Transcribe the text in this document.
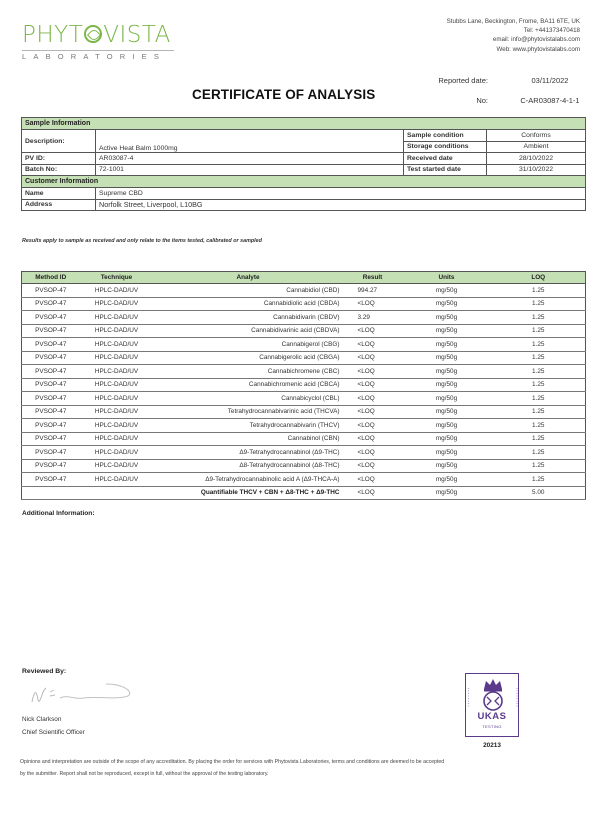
PHYT VISTA
LABORATORIES
Stubbs Lane, Beckington, Frome, BA11 6TE, UK
Tel: +441373470418
email: info@phytovistalabs.com
Web: www.phytovistalabs.com
Reported date:	03/11/2022
No:	C-AR03087-4-1-1
CERTIFICATE OF ANALYSIS
Sample Information			
Description:	Active Heat Balm 1000mg	Sample condition	Conforms
		Storage conditions	Ambient
PV ID:	AR03087-4	Received date	28/10/2022
Batch No:	72-1001	Test started date	31/10/2022
Customer Information			
Name	Supreme CBD		
Address	Norfolk Street, Liverpool, L10BG		
Results apply to sample as received and only relate to the items tested, calibrated or sampled
Method ID	Technique	Analyte	Result	Units	LOQ
PVSOP-47	HPLC-DAD/UV	Cannabidiol (CBD)	994.27	mg/50g	1.25
PVSOP-47	HPLC-DAD/UV	Cannabidiolic acid (CBDA)	<LOQ	mg/50g	1.25
PVSOP-47	HPLC-DAD/UV	Cannabidivarin (CBDV)	3.29	mg/50g	1.25
PVSOP-47	HPLC-DAD/UV	Cannabidivarinic acid (CBDVA)	<LOQ	mg/50g	1.25
PVSOP-47	HPLC-DAD/UV	Cannabigerol (CBG)	<LOQ	mg/50g	1.25
PVSOP-47	HPLC-DAD/UV	Cannabigerolic acid (CBGA)	<LOQ	mg/50g	1.25
PVSOP-47	HPLC-DAD/UV	Cannabichromene (CBC)	<LOQ	mg/50g	1.25
PVSOP-47	HPLC-DAD/UV	Cannabichromenic acid (CBCA)	<LOQ	mg/50g	1.25
PVSOP-47	HPLC-DAD/UV	Cannabicyclol (CBL)	<LOQ	mg/50g	1.25
PVSOP-47	HPLC-DAD/UV	Tetrahydrocannabivarinic acid (THCVA)	<LOQ	mg/50g	1.25
PVSOP-47	HPLC-DAD/UV	Tetrahydrocannabivarin (THCV)	<LOQ	mg/50g	1.25
PVSOP-47	HPLC-DAD/UV	Cannabinol (CBN)	<LOQ	mg/50g	1.25
PVSOP-47	HPLC-DAD/UV	Δ9-Tetrahydrocannabinol (Δ9-THC)	<LOQ	mg/50g	1.25
PVSOP-47	HPLC-DAD/UV	Δ8-Tetrahydrocannabinol (Δ8-THC)	<LOQ	mg/50g	1.25
PVSOP-47	HPLC-DAD/UV	Δ9-Tetrahydrocannabinolic acid A (Δ9-THCA-A)	<LOQ	mg/50g	1.25
		Quantifiable THCV + CBN + Δ8-THC + Δ9-THC	<LOQ	mg/50g	5.00
Additional Information:
Reviewed By:
Nick Clarkson
Chief Scientific Officer
UKAS
TESTING
20213
Opinions and interpretation are outside of the scope of any accreditation. By placing the order for services with Phytovista Laboratories, terms and conditions are deemed to be accepted
by the submitter. Report shall not be reproduced, except in full, without the approval of the testing laboratory.
